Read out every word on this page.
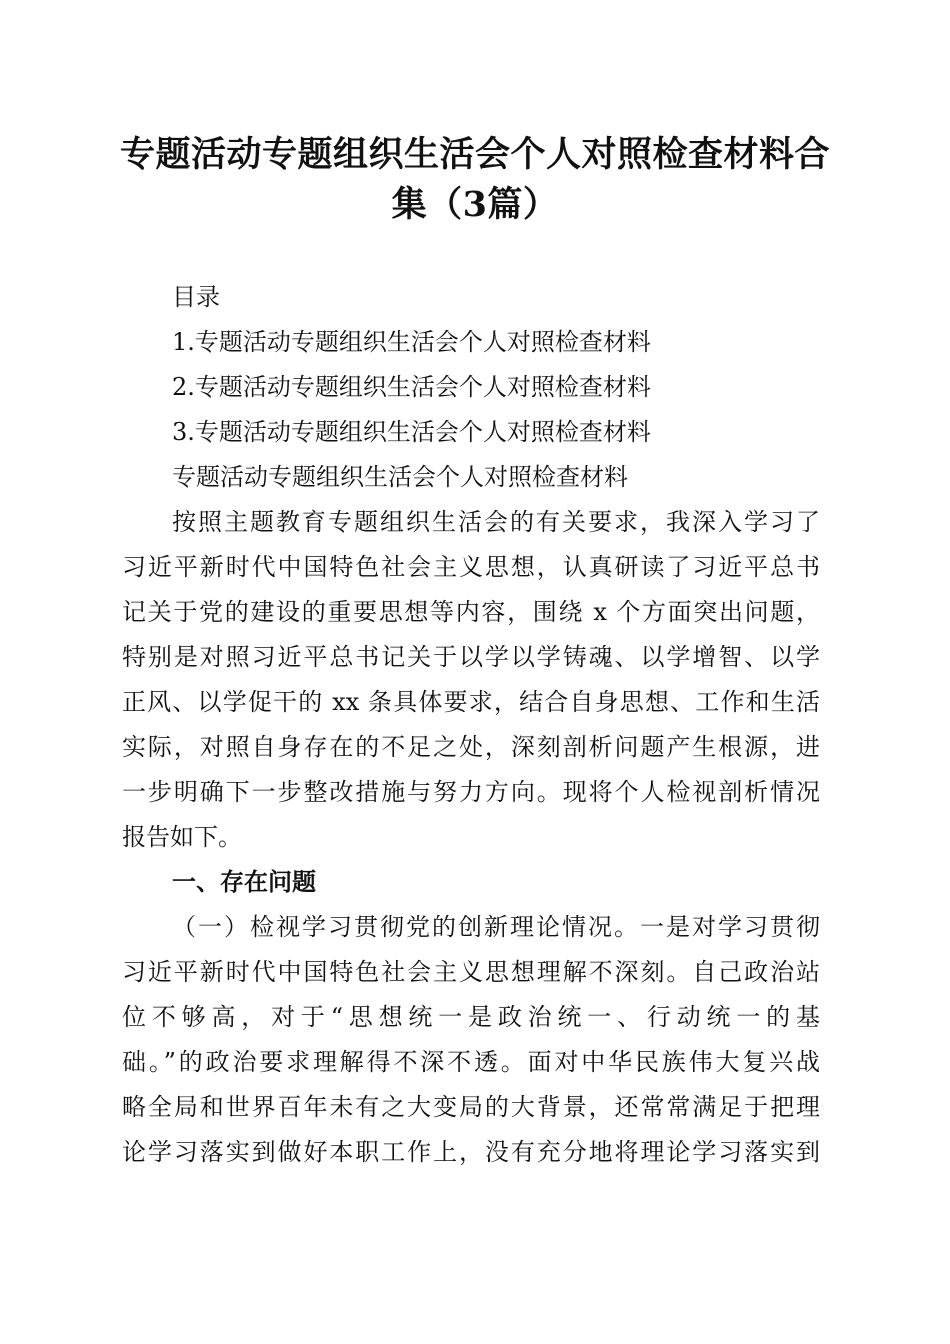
专题活动专题组织生活会个人对照检查材料合
集（3篇）
目录
1.专题活动专题组织生活会个人对照检查材料
2.专题活动专题组织生活会个人对照检查材料
3.专题活动专题组织生活会个人对照检查材料
专题活动专题组织生活会个人对照检查材料
按照主题教育专题组织生活会的有关要求，我深入学习了
习近平新时代中国特色社会主义思想，认真研读了习近平总书
记关于党的建设的重要思想等内容，围绕 x 个方面突出问题，
特别是对照习近平总书记关于以学以学铸魂、以学增智、以学
正风、以学促干的 xx 条具体要求，结合自身思想、工作和生活
实际，对照自身存在的不足之处，深刻剖析问题产生根源，进
一步明确下一步整改措施与努力方向。现将个人检视剖析情况
报告如下。
一、存在问题
（一）检视学习贯彻党的创新理论情况。一是对学习贯彻
习近平新时代中国特色社会主义思想理解不深刻。自己政治站
位不够高，对于“思想统一是政治统一、行动统一的基
础。”的政治要求理解得不深不透。面对中华民族伟大复兴战
略全局和世界百年未有之大变局的大背景，还常常满足于把理
论学习落实到做好本职工作上，没有充分地将理论学习落实到
